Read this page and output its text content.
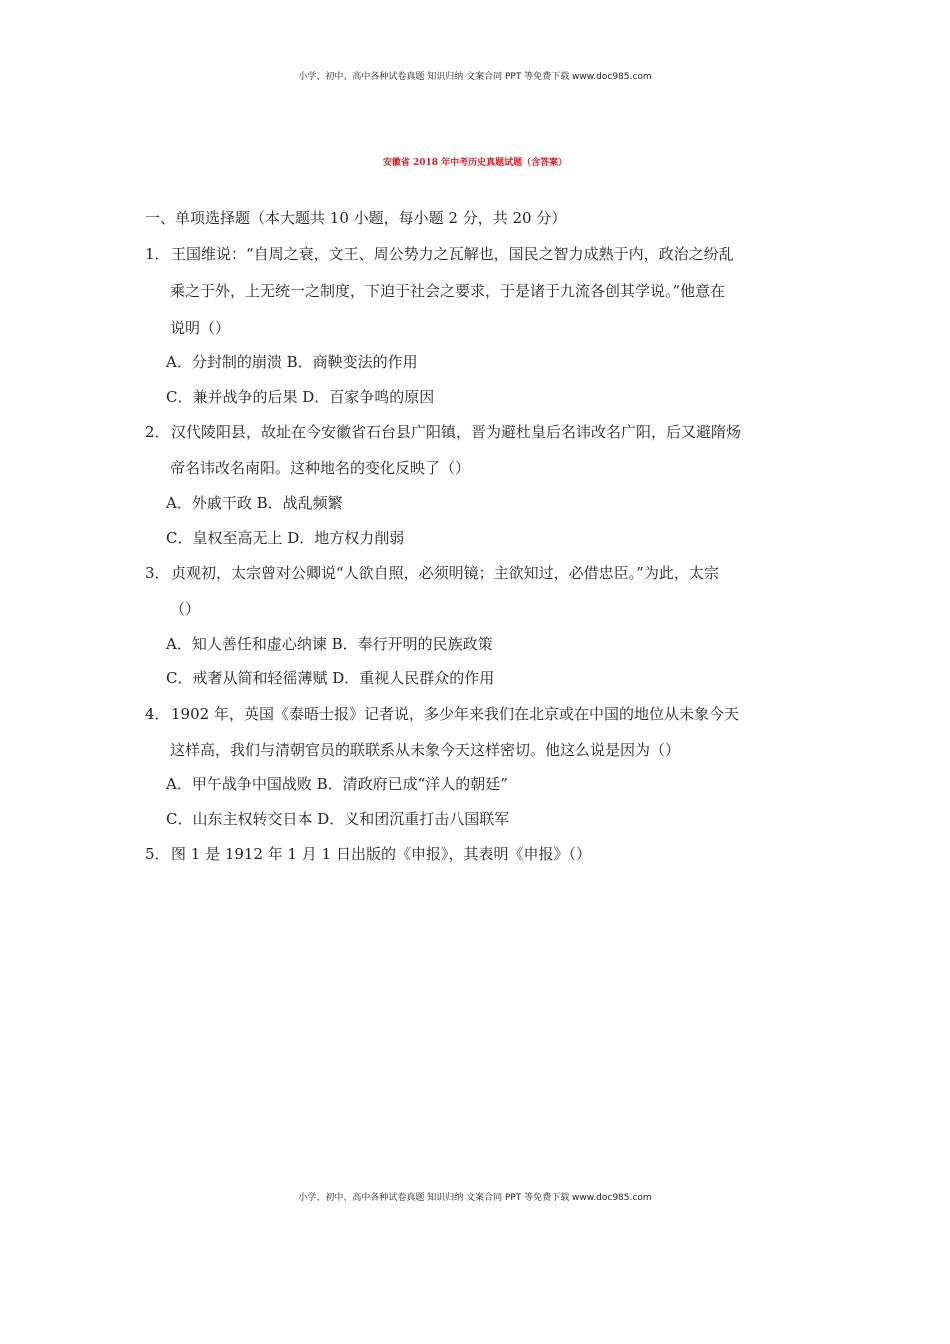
小学、初中、高中各种试卷真题 知识归纳 文案合同 PPT 等免费下载 www.doc985.com
安徽省 2018 年中考历史真题试题（含答案）
一、单项选择题（本大题共 10 小题，每小题 2 分，共 20 分）
1． 王国维说：“自周之衰，文王、周公势力之瓦解也，国民之智力成熟于内，政治之纷乱
乘之于外，上无统一之制度，下迫于社会之要求，于是诸于九流各创其学说。”他意在
说明（）
A．分封制的崩溃 B．商鞅变法的作用
C．兼并战争的后果 D．百家争鸣的原因
2． 汉代陵阳县，故址在今安徽省石台县广阳镇，晋为避杜皇后名讳改名广阳，后又避隋炀
帝名讳改名南阳。这种地名的变化反映了（）
A．外戚干政 B．战乱频繁
C．皇权至高无上 D．地方权力削弱
3． 贞观初，太宗曾对公卿说“人欲自照，必须明镜；主欲知过，必借忠臣。”为此，太宗
（）
A．知人善任和虚心纳谏 B．奉行开明的民族政策
C．戒奢从简和轻徭薄赋 D．重视人民群众的作用
4． 1902 年，英国《泰晤士报》记者说，多少年来我们在北京或在中国的地位从未象今天
这样高，我们与清朝官员的联联系从未象今天这样密切。他这么说是因为（）
A．甲午战争中国战败 B．清政府已成“洋人的朝廷”
C．山东主权转交日本 D．义和团沉重打击八国联军
5． 图 1 是 1912 年 1 月 1 日出版的《申报》，其表明《申报》（）
小学、初中、高中各种试卷真题 知识归纳 文案合同 PPT 等免费下载 www.doc985.com
